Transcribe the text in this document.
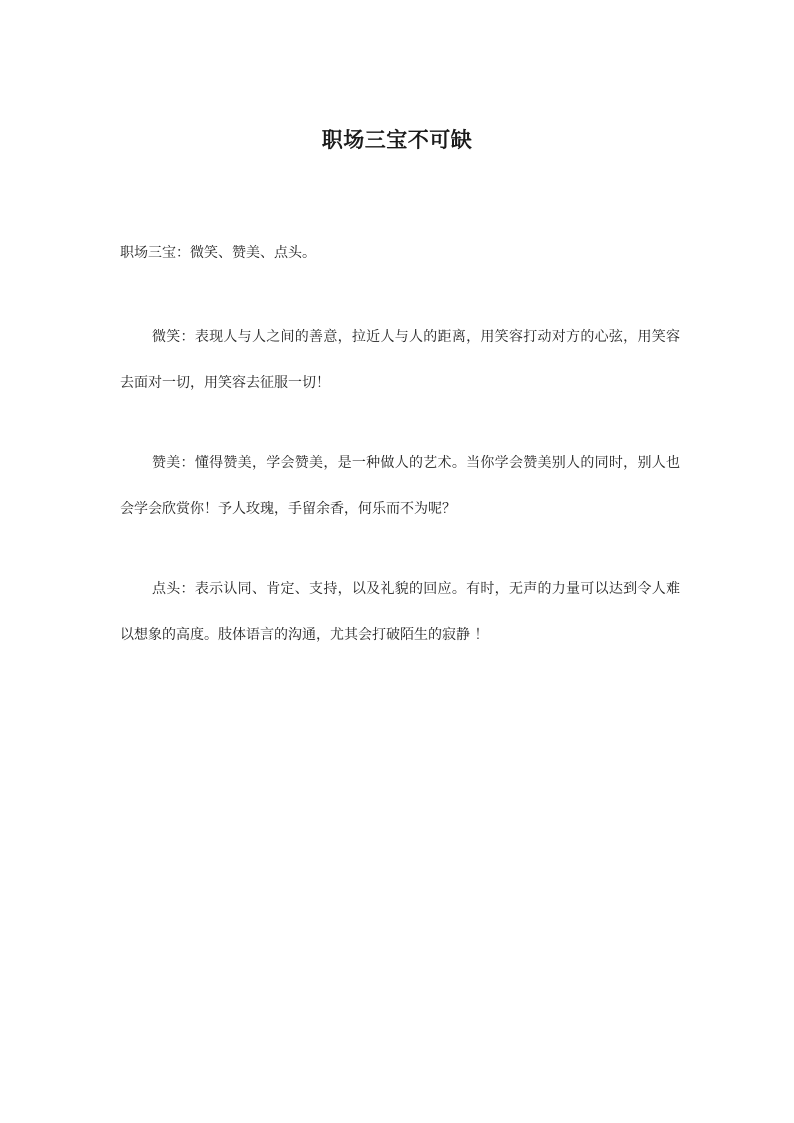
职场三宝不可缺

职场三宝：微笑、赞美、点头。

微笑：表现人与人之间的善意，拉近人与人的距离，用笑容打动对方的心弦，用笑容去面对一切，用笑容去征服一切！

赞美：懂得赞美，学会赞美，是一种做人的艺术。当你学会赞美别人的同时，别人也会学会欣赏你！予人玫瑰，手留余香，何乐而不为呢？

点头：表示认同、肯定、支持，以及礼貌的回应。有时，无声的力量可以达到令人难以想象的高度。肢体语言的沟通，尤其会打破陌生的寂静 ！
